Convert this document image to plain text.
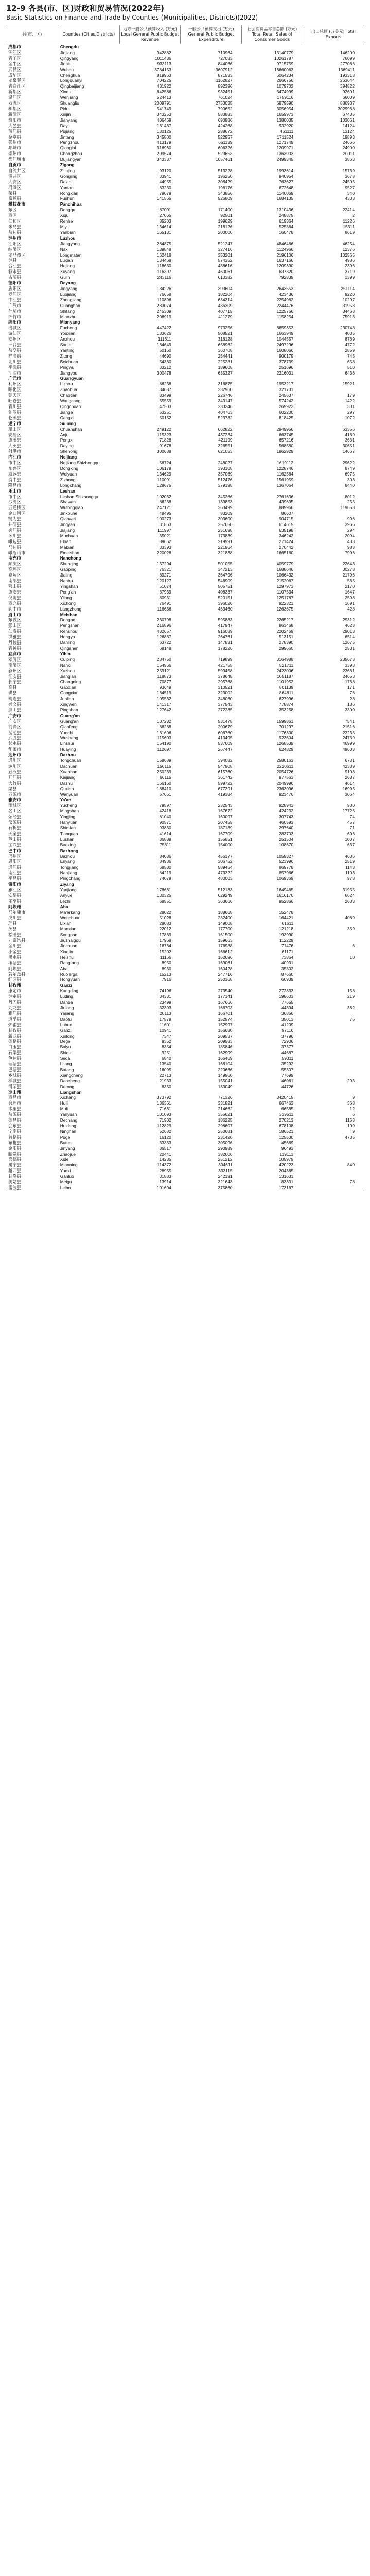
12-9 各县(市、区)财政和贸易情况(2022年)
Basic Statistics on Finance and Trade by Counties (Municipalities, Districts)(2022)
县(市、区)	Counties (Cities,Districts)	地方一般公共预算收入 (万元) Local General Public Budget Revenue	一般公共预算支出 (万元) General Public Budget Expenditure	社会消费品零售总额 (万元) Total Retail Sales of Consumer Goods	出口总额 (万美元) Total Exports
成都市	Chengdu				
锦江区	Jinjiang	942882	710964	13140779	146200
青羊区	Qingyang	1011436	727083	10261787	76099
金牛区	Jinniu	933113	844066	9715759	277066
武侯区	Wuhou	3784153	3607912	16660063	1369411
成华区	Chenghua	819963	871533	6064234	193318
龙泉驿区	Longquanyi	704225	1162827	2666756	263644
青白江区	Qingbaijiang	431922	892396	1079703	394822
新都区	Xindu	642586	932451	3474999	92601
温江区	Wenjiang	524413	761024	1759116	66009
双流区	Shuangliu	2009791	2753035	6879590	886937
郫都区	Pidu	541749	790652	3056954	3029968
新津区	Xinjin	343253	583883	1659973	67435
简阳市	Jianyang	406469	690986	1380035	103061
大邑县	Dayi	161467	424268	932920	14124
蒲江县	Pujiang	130125	288672	461111	13124
金堂县	Jintang	345800	522957	1711524	19893
彭州市	Pengzhou	413179	661139	1271749	24666
邛崃市	Qionglai	316960	606326	1209971	24900
崇州市	Chongzhou	299574	523653	1363903	20011
都江堰市	Dujiangyan	343337	1057461	2499345	3863
自贡市	Zigong				
自流井区	Ziliujing	93120	513228	1993614	15739
贡井区	Gongjing	33941	196250	940954	3678
大安区	Da'an	44955	308429	763627	24505
沿滩区	Yantan	63230	198176	672648	9527
荣县	Rongxian	79079	343856	1140069	340
富顺县	Fushun	141565	526809	1684135	4333
攀枝花市	Panzhihua				
东区	Dongqu	87001	171400	1310436	22414
西区	Xiqu	27065	92501	248875	2
仁和区	Renhe	85203	199629	619364	11226
米易县	Miyi	134614	218126	525364	15311
盐边县	Yanbian	165131	200000	160478	8619
泸州市	Luzhou				
江阳区	Jiangyang	284875	521247	4846466	46254
纳溪区	Naxi	139848	327416	1124966	12376
龙马潭区	Longmatan	162418	353201	2196106	102565
泸县	Luxian	134468	574352	1637166	4986
合江县	Hejiang	118630	488616	1209390	2396
叙永县	Xuyong	116397	460061	637320	3719
古蔺县	Gulin	243116	610382	792839	1399
德阳市	Deyang				
旌阳区	Jingyang	184226	393604	2643553	251114
罗江区	Luojiang	76658	182204	423436	9220
中江县	Zhongjiang	110896	634314	2254962	10297
广汉市	Guanghan	283074	436309	2244476	31958
什邡市	Shifang	245309	407715	1225766	34468
绵竹市	Mianzhu	206919	411279	1158254	75913
绵阳市	Mianyang				
涪城区	Fucheng	447422	973256	6659353	230748
游仙区	Youxian	133626	508521	1663949	4035
安州区	Anzhou	111611	316128	1044557	8769
三台县	Santai	164649	658962	2497296	4772
盐亭县	Yanting	50160	360708	1608066	2859
梓潼县	Zitong	44690	254441	900179	745
北川县	Beichuan	54360	225281	378739	658
平武县	Pingwu	33212	189608	251696	510
江油市	Jiangyou	300478	635327	2216031	6436
广元市	Guangyuan				
利州区	Lizhou	86238	316875	1953217	15921
昭化区	Zhaohua	34687	232960	321731	
朝天区	Chaotian	33499	226746	245637	179
旺苍县	Wangcang	55559	343147	574242	1422
青川县	Qingchuan	47503	233346	269923	331
剑阁县	Jiange	53251	404763	602200	297
苍溪县	Cangxi	50152	523782	818425	1072
遂宁市	Suining				
船山区	Chuanshan	249122	662822	2949956	63356
安居区	Anju	115323	437234	663745	4169
蓬溪县	Pengxi	71828	421199	657216	3631
大英县	Daying	91678	326551	568580	30651
射洪市	Shehong	300638	621053	1862929	14667
内江市	Neijiang				
市中区	Neijiang Shizhongqu	56724	248027	1619112	29622
东兴区	Dongxing	106179	393108	1228746	8749
威远县	Weiyuan	134629	357069	1162564	6975
资中县	Zizhong	110091	512476	1561959	303
隆昌市	Longchang	128675	379198	1367064	8440
乐山市	Leshan				
市中区	Leshan Shizhongqu	102032	345266	2761636	8012
沙湾区	Shawan	86238	139853	439695	255
五通桥区	Wutongqiao	247121	263499	889966	119658
金口河区	Jinkouhe	48495	83209	86607	
犍为县	Qianwei	100273	303600	904715	996
井研县	Jingyan	31863	257650	614615	3966
夹江县	Jiajiang	111997	251698	635198	294
沐川县	Muchuan	35021	173839	346242	2094
峨边县	Ebian	89662	219991	271424	433
马边县	Mabian	33393	221964	270442	983
峨眉山市	Emeishan	220028	321838	1665160	7996
南充市	Nanchong				
顺庆区	Shunqing	157294	501055	4059779	22643
高坪区	Gaoping	76321	347213	1688646	30278
嘉陵区	Jialing	69271	364796	1066432	21796
南部县	Nanbu	120127	546909	2152067	565
营山县	Yingshan	51074	505751	1297973	2170
蓬安县	Peng'an	67939	408337	1107534	1647
仪陇县	Yilong	80931	520151	1251787	2598
西充县	Xichong	76491	396026	922321	1691
阆中市	Langzhong	116636	463460	1263675	428
眉山市	Meishan				
东坡区	Dongpo	230798	595883	2265217	29312
彭山区	Pengshan	216896	417947	863468	4623
仁寿县	Renshou	432657	916089	2202469	29013
洪雅县	Hongya	126867	264761	513151	6514
丹棱县	Danling	63722	147831	278390	12675
青神县	Qingshen	68148	178226	299660	2531
宜宾市	Yibin				
翠屏区	Cuiping	234750	719899	3164988	235673
南溪区	Nanxi	154966	421755	521711	3393
叙州区	Xuzhou	259121	599458	2423006	23661
江安县	Jiang'an	118873	378648	1051187	24653
长宁县	Changning	70877	295768	1101952	1768
高县	Gaoxian	93649	310521	801139	171
珙县	Gongxian	164519	323002	864811	76
筠连县	Junlian	105532	348060	627996	28
兴文县	Xingwen	141317	377543	778874	136
屏山县	Pingshan	127642	272285	353258	3300
广安市	Guang'an				
广安区	Guang'an	107232	531478	1599861	7541
前锋区	Qianfeng	86288	200679	701297	21516
岳池县	Yuechi	161606	606760	1176300	23235
武胜县	Wusheng	115603	413495	923604	24739
邻水县	Linshui	154190	537609	1268539	46999
华蓥市	Huaying	112697	267447	624829	49603
达州市	Dazhou				
通川区	Tongchuan	158689	394082	2580163	6731
达川区	Dachuan	156115	547908	2220611	42339
宣汉县	Xuanhan	250239	615760	2054726	9108
开江县	Kaijiang	66115	361742	977563	2637
大竹县	Dazhu	166160	599722	2049996	4614
渠县	Quxian	188410	677391	2363096	16995
万源市	Wanyuan	67661	419384	923476	3064
雅安市	Ya'an				
雨城区	Yucheng	79597	232543	928943	930
名山区	Mingshan	42418	167672	424232	17725
荥经县	Yingjing	61040	160097	307743	74
汉源县	Hanyuan	90571	207455	460593	457
石棉县	Shimian	93830	187189	297640	71
天全县	Tianquan	41614	167709	283703	606
芦山县	Lushan	36889	155851	251504	1007
宝兴县	Baoxing	75811	154000	108670	637
巴中市	Bazhong				
巴州区	Bazhou	84036	456177	1059327	4636
恩阳区	Enyang	34936	306752	523996	2519
通江县	Tongjiang	68530	589454	869778	1143
南江县	Nanjiang	84219	473322	857966	1103
平昌县	Pingchang	74079	480003	1069369	978
资阳市	Ziyang				
雁江区	Yanjiang	178661	512183	1649465	31955
安岳县	Anyue	130325	629249	1616176	6624
乐至县	Lezhi	68551	363666	952866	2633
阿坝州	Aba				
马尔康市	Ma'erkang	28022	188668	152478	
汶川县	Wenchuan	51028	232400	164421	4069
理县	Lixian	28083	149008	61611	
茂县	Maoxian	22012	177700	121218	359
松潘县	Songpan	17869	161500	193990	
九寨沟县	Jiuzhaigou	17968	159663	112229	
金川县	Jinchuan	16764	176988	71476	6
小金县	Xiaojin	15202	166612	61171	
黑水县	Heishui	11166	162696	73864	10
壤塘县	Rangtang	8950	169061	40931	
阿坝县	Aba	8930	160428	35302	
若尔盖县	Ruo'ergai	15213	247716	87660	
红原县	Hongyuan	7916	250368	60939	
甘孜州	Ganzi				
康定市	Kangding	74196	273540	272833	158
泸定县	Luding	34331	177141	198603	219
丹巴县	Danba	23499	167666	77655	
九龙县	Jiulong	32393	166703	44894	362
雅江县	Yajiang	20113	166701	36856	
道孚县	Daofu	17579	152974	35013	76
炉霍县	Luhuo	11601	152997	41209	
甘孜县	Ganzi	10941	156680	97116	
新龙县	Xinlong	7347	209537	37796	
德格县	Dege	8352	209583	72906	
白玉县	Baiyu	8354	185846	37377	
石渠县	Shiqu	9251	162999	44687	
色达县	Seda	6840	166469	59311	
理塘县	Litang	13540	168104	35292	
巴塘县	Batang	16095	220666	55307	
乡城县	Xiangcheng	22713	149960	77699	
稻城县	Daocheng	21933	155041	46061	293
得荣县	Derong	8350	133049	44726	
凉山州	Liangshan				
西昌市	Xichang	373792	771326	3420415	9
会理市	Huili	136361	331821	667463	368
木里县	Muli	71661	214662	66585	12
盐源县	Yanyuan	101093	355621	339511	6
德昌县	Dechang	71902	186225	270213	1163
会东县	Huidong	112829	298607	678108	109
宁南县	Ningnan	52682	250681	186521	9
普格县	Puge	16120	231420	125530	4735
布拖县	Butuo	33333	305096	45669	
金阳县	Jinyang	36517	290989	96493	
昭觉县	Zhaojue	20441	382606	119113	
喜德县	Xide	14235	251212	105979	
冕宁县	Mianning	114372	304611	420223	840
越西县	Yuexi	28955	333115	204365	
甘洛县	Ganluo	31883	242191	131631	
美姑县	Meigu	13914	321643	83331	78
雷波县	Leibo	101604	375860	173167	
